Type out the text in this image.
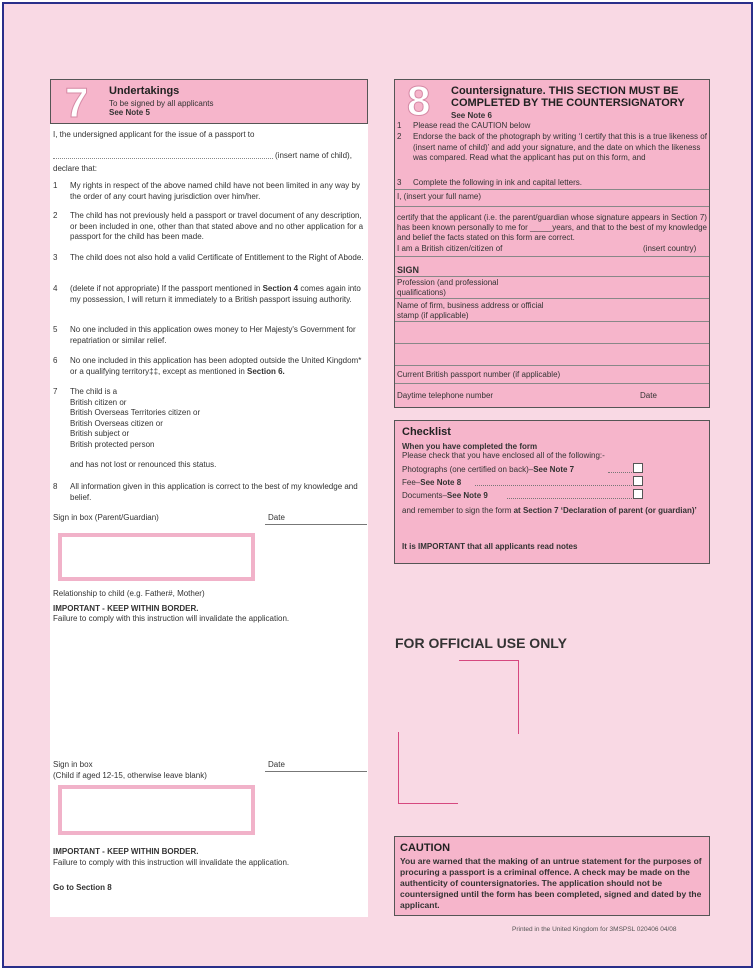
7 Undertakings
To be signed by all applicants
See Note 5
I, the undersigned applicant for the issue of a passport to
(insert name of child),
declare that:
1 My rights in respect of the above named child have not been limited in any way by the order of any court having jurisdiction over him/her.
2 The child has not previously held a passport or travel document of any description, or been included in one, other than that stated above and no other application for a passport for the child has been made.
3 The child does not also hold a valid Certificate of Entitlement to the Right of Abode.
4 (delete if not appropriate) If the passport mentioned in Section 4 comes again into my possession, I will return it immediately to a British passport issuing authority.
5 No one included in this application owes money to Her Majesty's Government for repatriation or similar relief.
6 No one included in this application has been adopted outside the United Kingdom* or a qualifying territory‡‡, except as mentioned in Section 6.
7 The child is a
British citizen or
British Overseas Territories citizen or
British Overseas citizen or
British subject or
British protected person
and has not lost or renounced this status.
8 All information given in this application is correct to the best of my knowledge and belief.
Sign in box (Parent/Guardian)	Date
Relationship to child (e.g. Father#, Mother)
IMPORTANT - KEEP WITHIN BORDER.
Failure to comply with this instruction will invalidate the application.
Sign in box
(Child if aged 12-15, otherwise leave blank)
Date
IMPORTANT - KEEP WITHIN BORDER.
Failure to comply with this instruction will invalidate the application.
Go to Section 8
8 Countersignature. THIS SECTION MUST BE COMPLETED BY THE COUNTERSIGNATORY
See Note 6
1 Please read the CAUTION below
2 Endorse the back of the photograph by writing ‘I certify that this is a true likeness of (insert name of child)’ and add your signature, and the date on which the likeness was compared. Read what the applicant has put on this form, and
3 Complete the following in ink and capital letters.
I, (insert your full name)
certify that the applicant (i.e. the parent/guardian whose signature appears in Section 7) has been known personally to me for _____years, and that to the best of my knowledge and belief the facts stated on this form are correct.
I am a British citizen/citizen of	(insert country)
SIGN
Profession (and professional qualifications)
Name of firm, business address or official stamp (if applicable)
Current British passport number (if applicable)
Daytime telephone number	Date
Checklist
When you have completed the form
Please check that you have enclosed all of the following:-
Photographs (one certified on back)–See Note 7
Fee–See Note 8
Documents–See Note 9
and remember to sign the form at Section 7 ‘Declaration of parent (or guardian)’
It is IMPORTANT that all applicants read notes
FOR OFFICIAL USE ONLY
CAUTION
You are warned that the making of an untrue statement for the purposes of procuring a passport is a criminal offence. A check may be made on the authenticity of countersignatories. The application should not be countersigned until the form has been completed, signed and dated by the applicant.
Printed in the United Kingdom for 3MSPSL 020406 04/08
